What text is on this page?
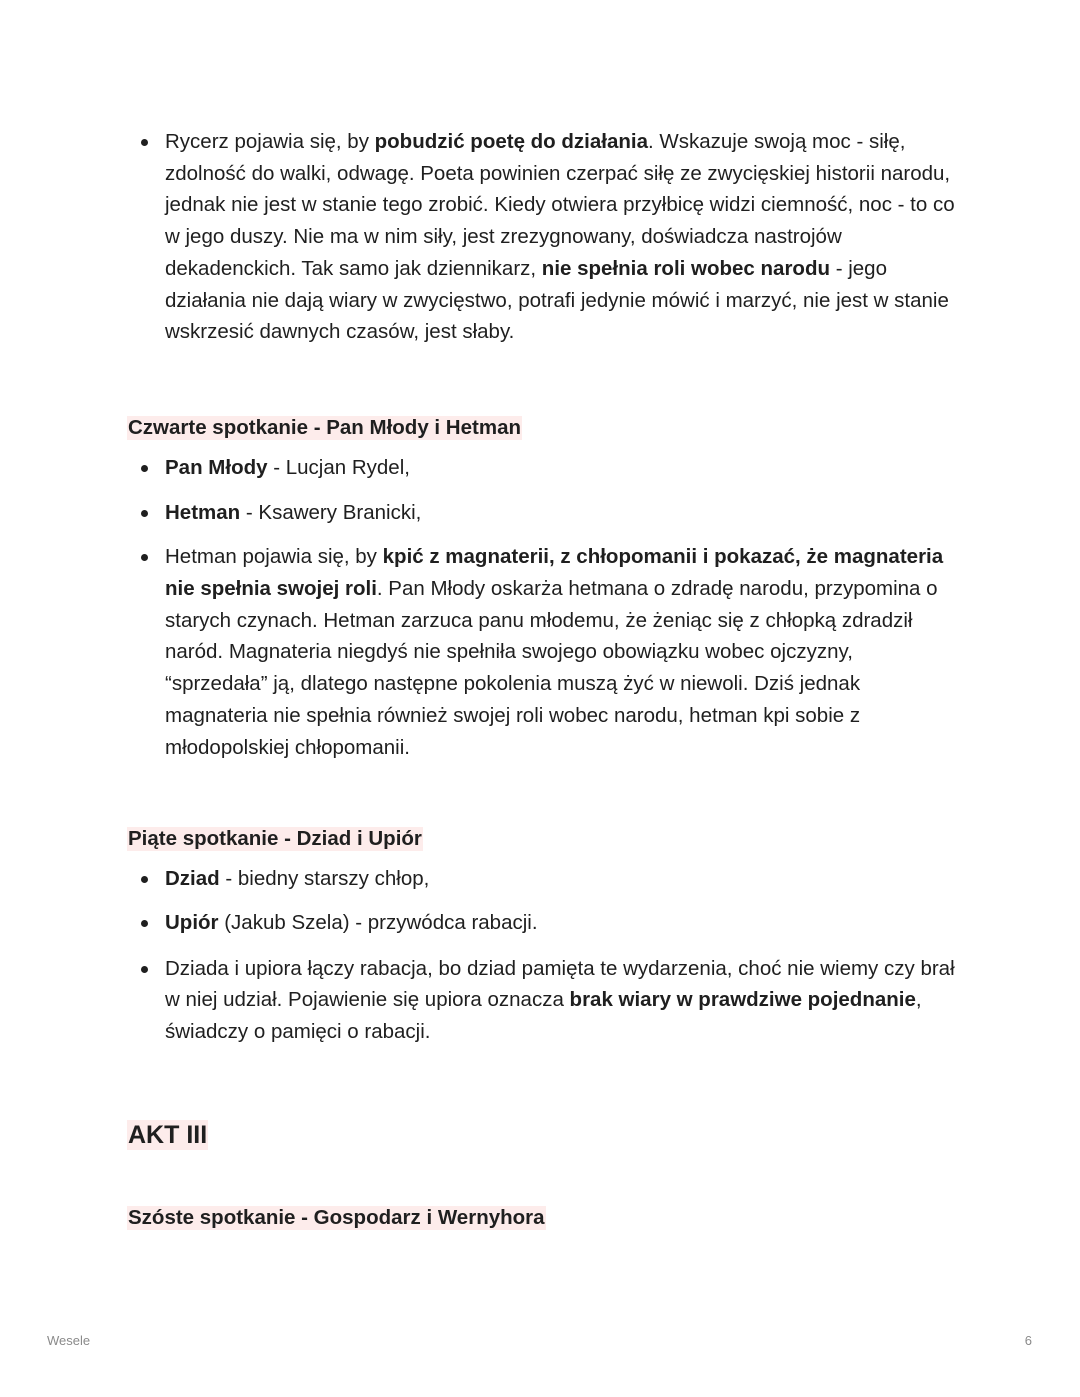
Rycerz pojawia się, by pobudzić poetę do działania. Wskazuje swoją moc - siłę, zdolność do walki, odwagę. Poeta powinien czerpać siłę ze zwycięskiej historii narodu, jednak nie jest w stanie tego zrobić. Kiedy otwiera przyłbicę widzi ciemność, noc - to co w jego duszy. Nie ma w nim siły, jest zrezygnowany, doświadcza nastrojów dekadenckich. Tak samo jak dziennikarz, nie spełnia roli wobec narodu - jego działania nie dają wiary w zwycięstwo, potrafi jedynie mówić i marzyć, nie jest w stanie wskrzesić dawnych czasów, jest słaby.
Czwarte spotkanie - Pan Młody i Hetman
Pan Młody - Lucjan Rydel,
Hetman - Ksawery Branicki,
Hetman pojawia się, by kpić z magnaterii, z chłopomanii i pokazać, że magnateria nie spełnia swojej roli. Pan Młody oskarża hetmana o zdradę narodu, przypomina o starych czynach. Hetman zarzuca panu młodemu, że żeniąc się z chłopką zdradził naród. Magnateria niegdyś nie spełniła swojego obowiązku wobec ojczyzny, “sprzedała” ją, dlatego następne pokolenia muszą żyć w niewoli. Dziś jednak magnateria nie spełnia również swojej roli wobec narodu, hetman kpi sobie z młodopolskiej chłopomanii.
Piąte spotkanie - Dziad i Upiór
Dziad - biedny starszy chłop,
Upiór (Jakub Szela) - przywódca rabacji.
Dziada i upiora łączy rabacja, bo dziad pamięta te wydarzenia, choć nie wiemy czy brał w niej udział. Pojawienie się upiora oznacza brak wiary w prawdziwe pojednanie, świadczy o pamięci o rabacji.
AKT III
Szóste spotkanie - Gospodarz i Wernyhora
Wesele	6
